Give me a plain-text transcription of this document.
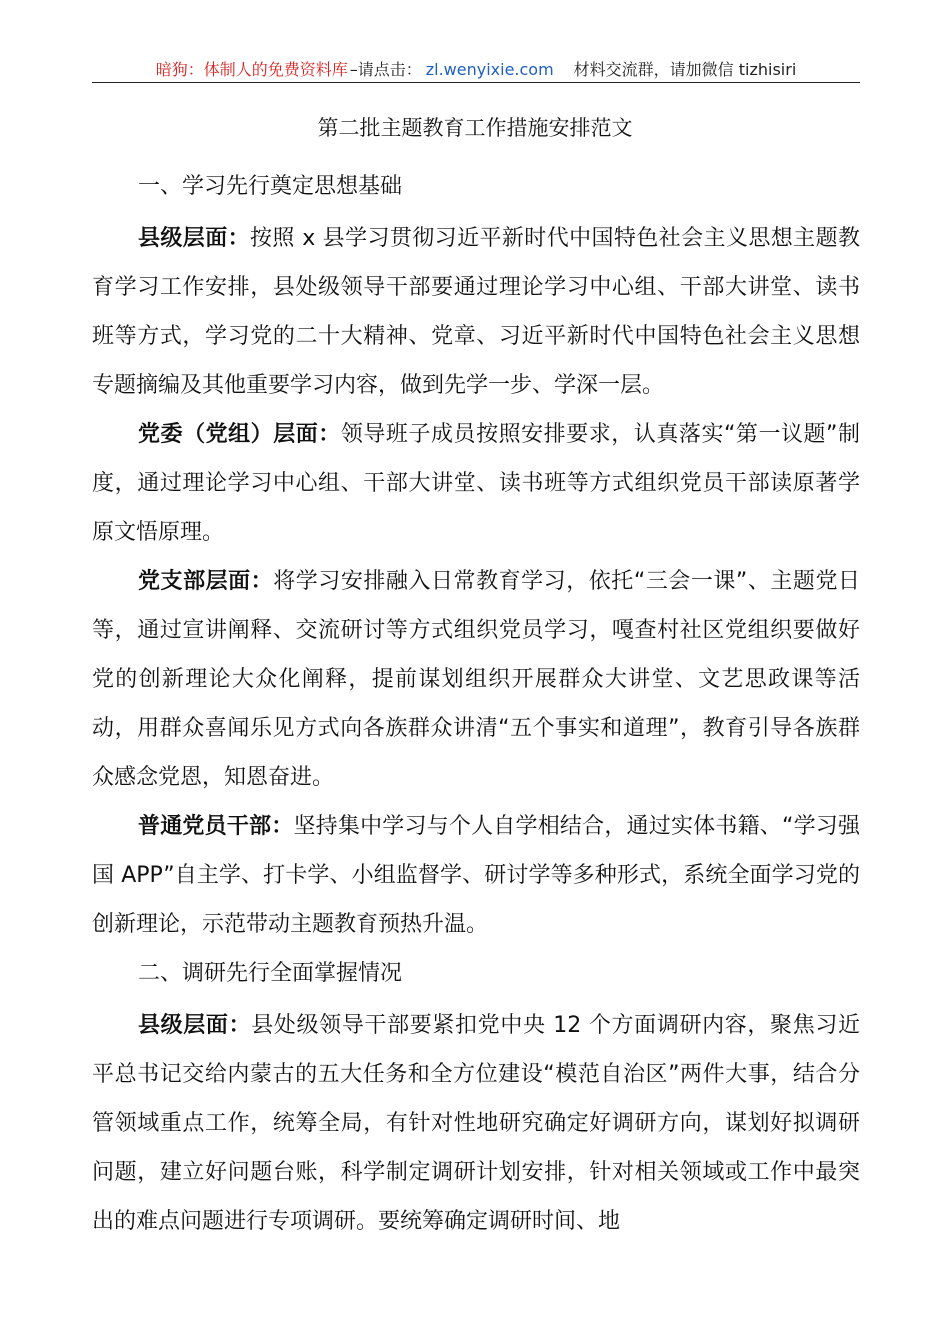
暗狗：体制人的免费资料库 –请点击： zl.wenyixie.com 材料交流群，请加微信 tizhisiri
第二批主题教育工作措施安排范文

一、学习先行奠定思想基础

县级层面：按照 x 县学习贯彻习近平新时代中国特色社会主义思想主题教育学习工作安排，县处级领导干部要通过理论学习中心组、干部大讲堂、读书班等方式，学习党的二十大精神、党章、习近平新时代中国特色社会主义思想专题摘编及其他重要学习内容，做到先学一步、学深一层。

党委（党组）层面：领导班子成员按照安排要求，认真落实“第一议题”制度，通过理论学习中心组、干部大讲堂、读书班等方式组织党员干部读原著学原文悟原理。

党支部层面：将学习安排融入日常教育学习，依托“三会一课”、主题党日等，通过宣讲阐释、交流研讨等方式组织党员学习，嘎查村社区党组织要做好党的创新理论大众化阐释，提前谋划组织开展群众大讲堂、文艺思政课等活动，用群众喜闻乐见方式向各族群众讲清“五个事实和道理”，教育引导各族群众感念党恩，知恩奋进。

普通党员干部：坚持集中学习与个人自学相结合，通过实体书籍、“学习强国 APP”自主学、打卡学、小组监督学、研讨学等多种形式，系统全面学习党的创新理论，示范带动主题教育预热升温。

二、调研先行全面掌握情况

县级层面：县处级领导干部要紧扣党中央 12 个方面调研内容，聚焦习近平总书记交给内蒙古的五大任务和全方位建设“模范自治区”两件大事，结合分管领域重点工作，统筹全局，有针对性地研究确定好调研方向，谋划好拟调研问题，建立好问题台账，科学制定调研计划安排，针对相关领域或工作中最突出的难点问题进行专项调研。要统筹确定调研时间、地
